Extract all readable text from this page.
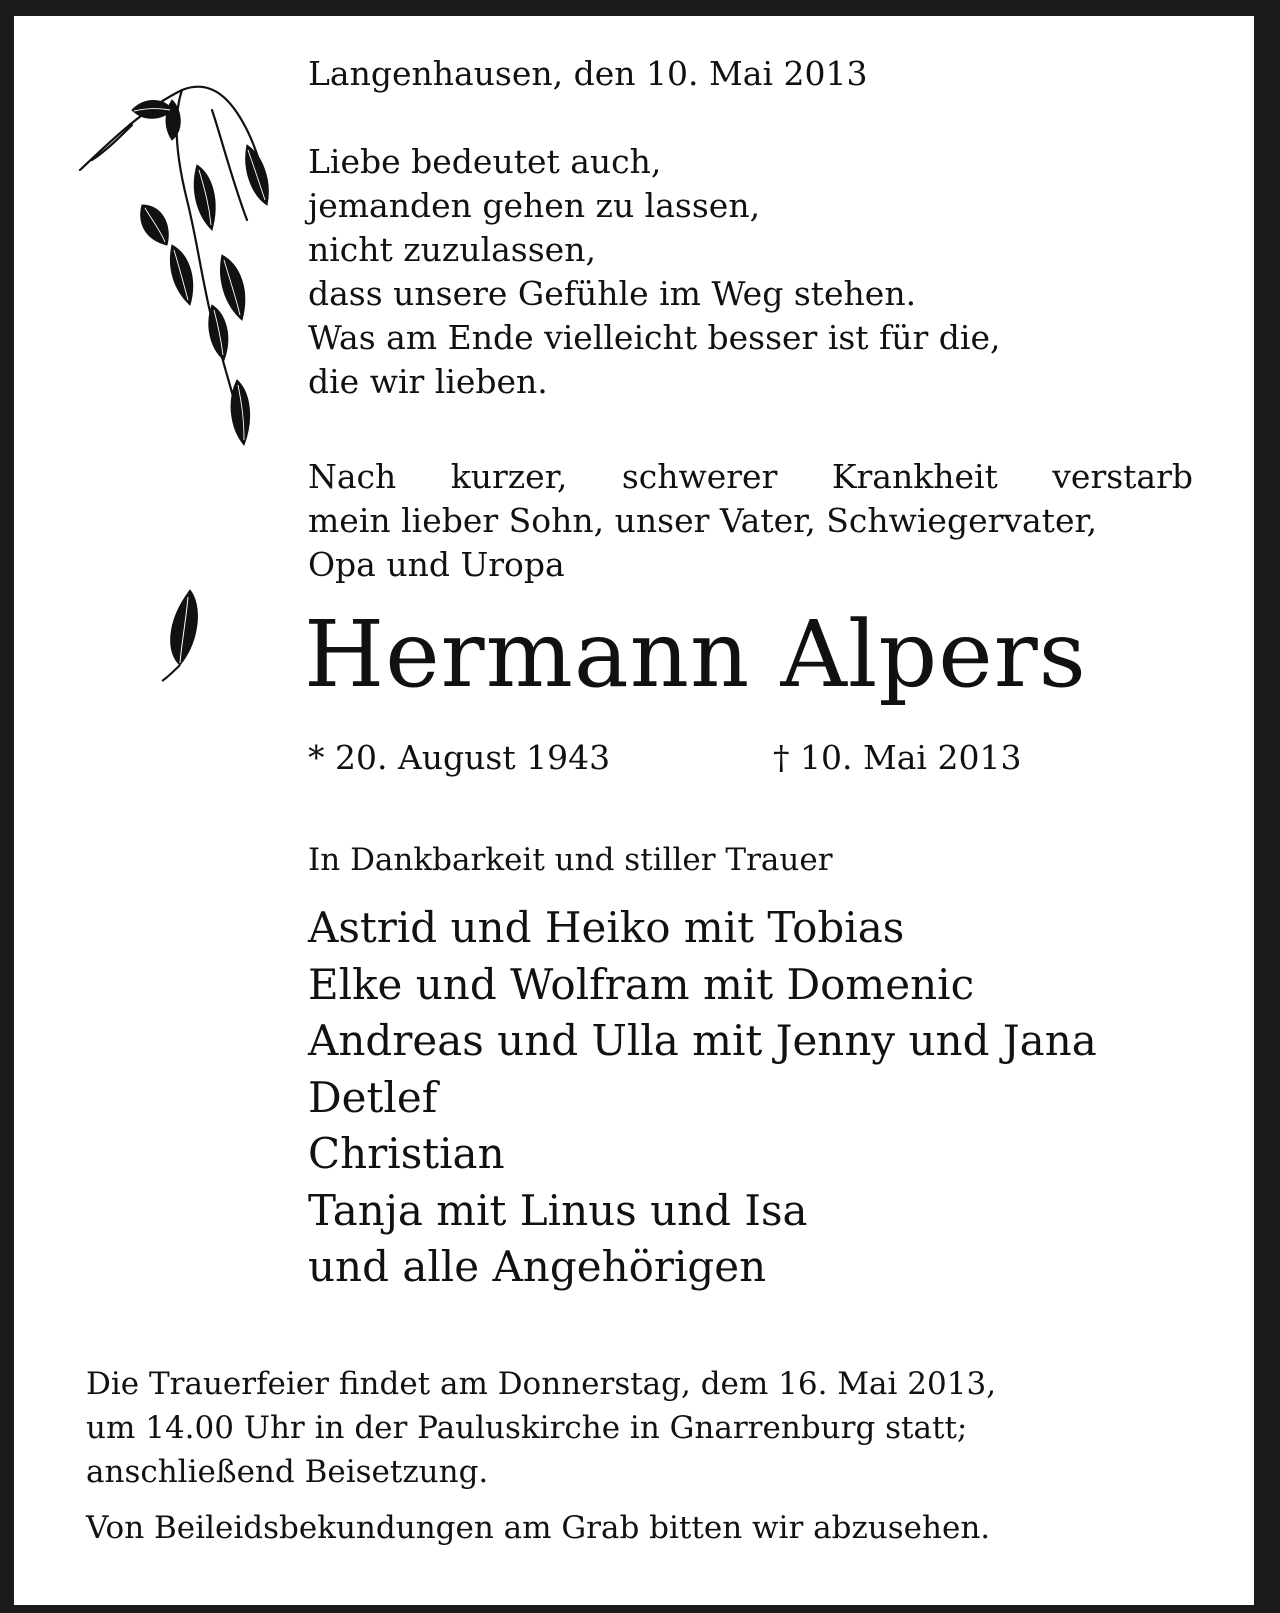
Langenhausen, den 10. Mai 2013

Liebe bedeutet auch,
jemanden gehen zu lassen,
nicht zuzulassen,
dass unsere Gefühle im Weg stehen.
Was am Ende vielleicht besser ist für die,
die wir lieben.
Nach kurzer, schwerer Krankheit verstarb
mein lieber Sohn, unser Vater, Schwiegervater,
Opa und Uropa
Hermann Alpers
* 20. August 1943	† 10. Mai 2013

In Dankbarkeit und stiller Trauer

Astrid und Heiko mit Tobias
Elke und Wolfram mit Domenic
Andreas und Ulla mit Jenny und Jana
Detlef
Christian
Tanja mit Linus und Isa
und alle Angehörigen
Die Trauerfeier findet am Donnerstag, dem 16. Mai 2013,
um 14.00 Uhr in der Pauluskirche in Gnarrenburg statt;
anschließend Beisetzung.

Von Beileidsbekundungen am Grab bitten wir abzusehen.
